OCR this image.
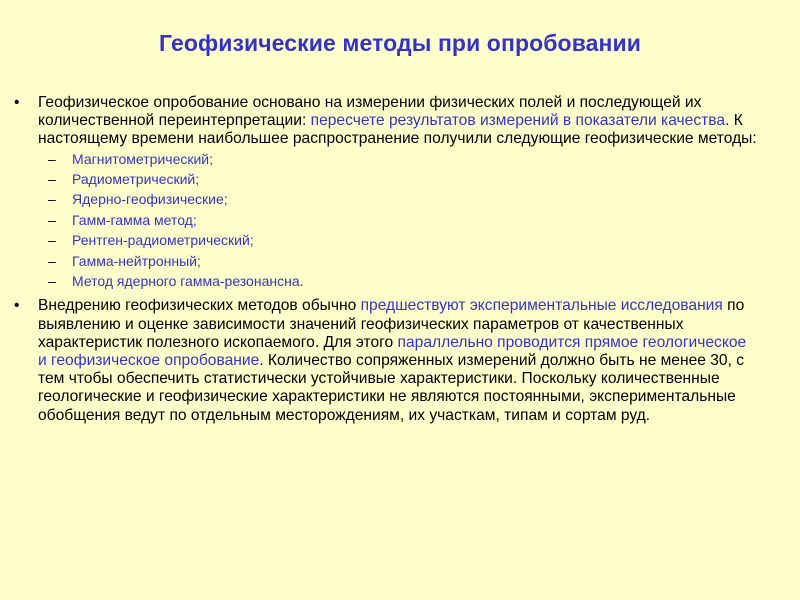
Геофизические методы при опробовании
•	Геофизическое опробование основано на измерении физических полей и последующей их количественной переинтерпретации: пересчете результатов измерений в показатели качества. К настоящему времени наибольшее распространение получили следующие геофизические методы:
– Магнитометрический;
– Радиометрический;
– Ядерно-геофизические;
– Гамм-гамма метод;
– Рентген-радиометрический;
– Гамма-нейтронный;
– Метод ядерного гамма-резонансна.
•	Внедрению геофизических методов обычно предшествуют экспериментальные исследования по выявлению и оценке зависимости значений геофизических параметров от качественных характеристик полезного ископаемого. Для этого параллельно проводится прямое геологическое и геофизическое опробование. Количество сопряженных измерений должно быть не менее 30, с тем чтобы обеспечить статистически устойчивые характеристики. Поскольку количественные геологические и геофизические характеристики не являются постоянными, экспериментальные обобщения ведут по отдельным месторождениям, их участкам, типам и сортам руд.
